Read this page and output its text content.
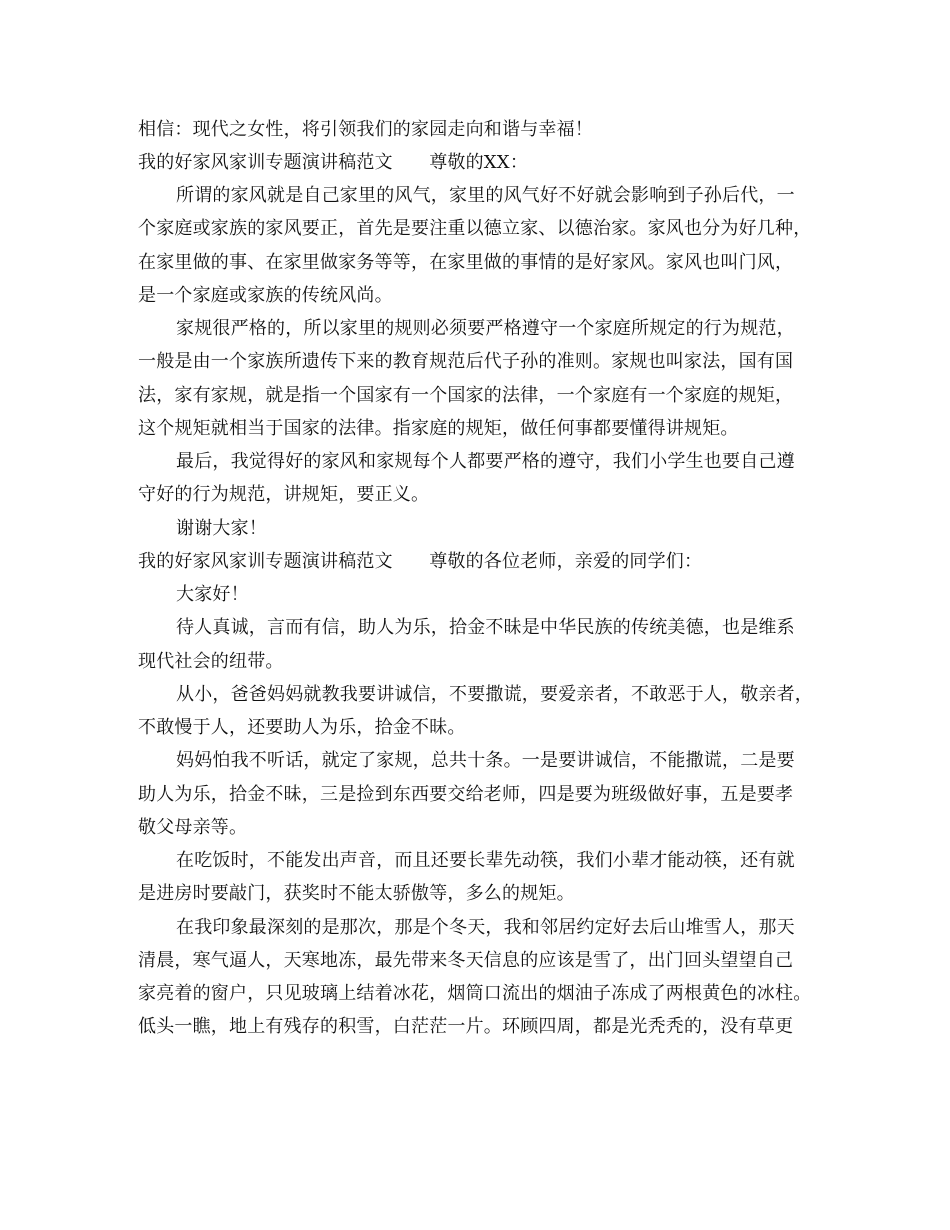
相信：现代之女性，将引领我们的家园走向和谐与幸福！
我的好家风家训专题演讲稿范文　　尊敬的XX：
所谓的家风就是自己家里的风气，家里的风气好不好就会影响到子孙后代，一
个家庭或家族的家风要正，首先是要注重以德立家、以德治家。家风也分为好几种，
在家里做的事、在家里做家务等等，在家里做的事情的是好家风。家风也叫门风，
是一个家庭或家族的传统风尚。
家规很严格的，所以家里的规则必须要严格遵守一个家庭所规定的行为规范，
一般是由一个家族所遗传下来的教育规范后代子孙的准则。家规也叫家法，国有国
法，家有家规，就是指一个国家有一个国家的法律，一个家庭有一个家庭的规矩，
这个规矩就相当于国家的法律。指家庭的规矩，做任何事都要懂得讲规矩。
最后，我觉得好的家风和家规每个人都要严格的遵守，我们小学生也要自己遵
守好的行为规范，讲规矩，要正义。
谢谢大家！
我的好家风家训专题演讲稿范文　　尊敬的各位老师，亲爱的同学们：
大家好！
待人真诚，言而有信，助人为乐，拾金不昧是中华民族的传统美德，也是维系
现代社会的纽带。
从小，爸爸妈妈就教我要讲诚信，不要撒谎，要爱亲者，不敢恶于人，敬亲者，
不敢慢于人，还要助人为乐，拾金不昧。
妈妈怕我不听话，就定了家规，总共十条。一是要讲诚信，不能撒谎，二是要
助人为乐，拾金不昧，三是捡到东西要交给老师，四是要为班级做好事，五是要孝
敬父母亲等。
在吃饭时，不能发出声音，而且还要长辈先动筷，我们小辈才能动筷，还有就
是进房时要敲门，获奖时不能太骄傲等，多么的规矩。
在我印象最深刻的是那次，那是个冬天，我和邻居约定好去后山堆雪人，那天
清晨，寒气逼人，天寒地冻，最先带来冬天信息的应该是雪了，出门回头望望自己
家亮着的窗户，只见玻璃上结着冰花，烟筒口流出的烟油子冻成了两根黄色的冰柱。
低头一瞧，地上有残存的积雪，白茫茫一片。环顾四周，都是光秃秃的，没有草更
